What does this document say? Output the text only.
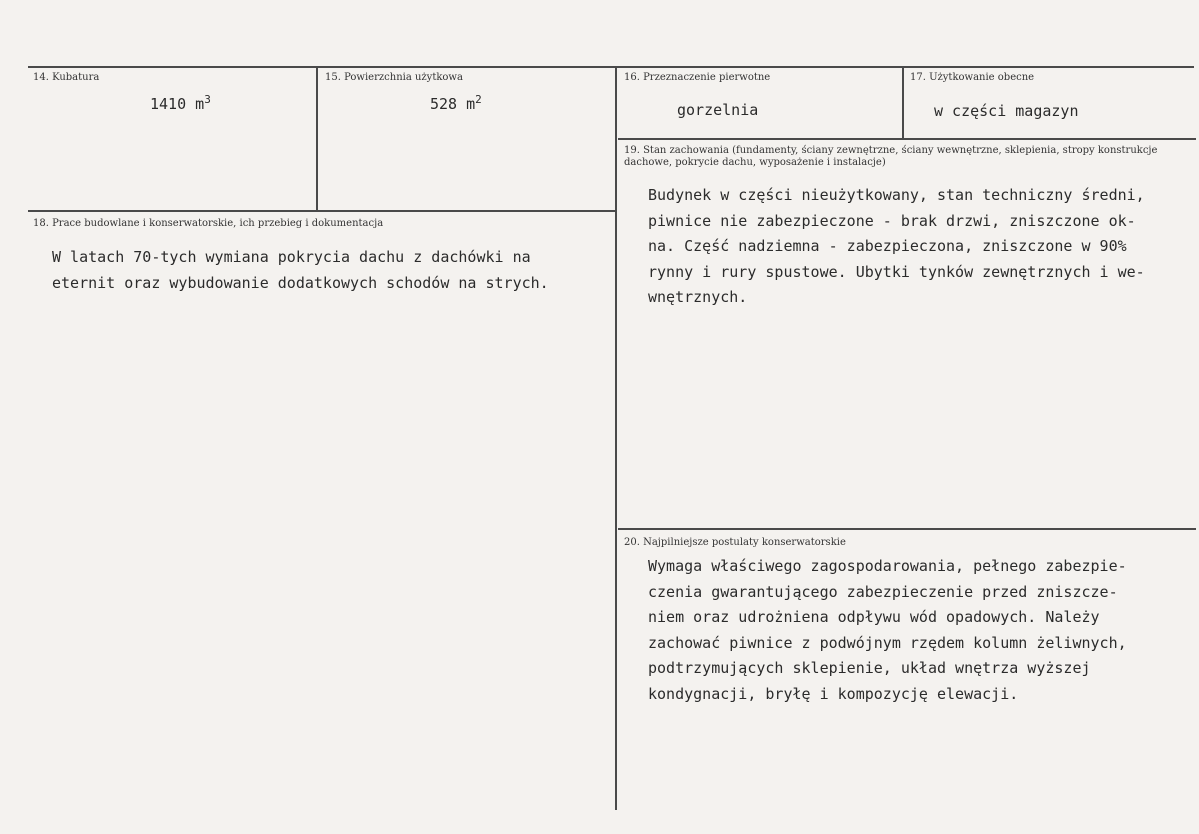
14. Kubatura
1410 $m^3$
15. Powierzchnia użytkowa
528 $m^2$
16. Przeznaczenie pierwotne
gorzelnia
17. Użytkowanie obecne
w części magazyn
18. Prace budowlane i konserwatorskie, ich przebieg i dokumentacja
W latach 70-tych wymiana pokrycia dachu z dachówki na
eternit oraz wybudowanie dodatkowych schodów na strych.
19. Stan zachowania (fundamenty, ściany zewnętrzne, ściany wewnętrzne, sklepienia, stropy konstrukcje dachowe, pokrycie dachu, wyposażenie i instalacje)
Budynek w części nieużytkowany, stan techniczny średni,
piwnice nie zabezpieczone - brak drzwi, zniszczone ok-
na. Część nadziemna - zabezpieczona, zniszczone w 90%
rynny i rury spustowe. Ubytki tynków zewnętrznych i we-
wnętrznych.
20. Najpilniejsze postulaty konserwatorskie
Wymaga właściwego zagospodarowania, pełnego zabezpie-
czenia gwarantującego zabezpieczenie przed zniszcze-
niem oraz udrożniena odpływu wód opadowych. Należy
zachować piwnice z podwójnym rzędem kolumn żeliwnych,
podtrzymujących sklepienie, układ wnętrza wyższej
kondygnacji, bryłę i kompozycję elewacji.
